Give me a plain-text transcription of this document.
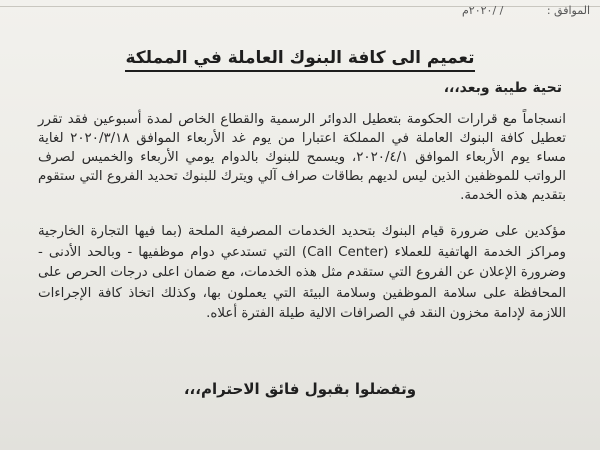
الموافق : / /٢٠٢٠م
تعميم الى كافة البنوك العاملة في المملكة
تحية طيبة وبعد،،،
انسجاماً مع قرارات الحكومة بتعطيل الدوائر الرسمية والقطاع الخاص لمدة أسبوعين فقد تقرر تعطيل كافة البنوك العاملة في المملكة اعتبارا من يوم غد الأربعاء الموافق ٢٠٢٠/٣/١٨ لغاية مساء يوم الأربعاء الموافق ٢٠٢٠/٤/١، ويسمح للبنوك بالدوام يومي الأربعاء والخميس لصرف الرواتب للموظفين الذين ليس لديهم بطاقات صراف آلي ويترك للبنوك تحديد الفروع التي ستقوم بتقديم هذه الخدمة.
مؤكدين على ضرورة قيام البنوك بتحديد الخدمات المصرفية الملحة (بما فيها التجارة الخارجية ومراكز الخدمة الهاتفية للعملاء (Call Center) التي تستدعي دوام موظفيها - وبالحد الأدنى - وضرورة الإعلان عن الفروع التي ستقدم مثل هذه الخدمات، مع ضمان اعلى درجات الحرص على المحافظة على سلامة الموظفين وسلامة البيئة التي يعملون بها، وكذلك اتخاذ كافة الإجراءات اللازمة لإدامة مخزون النقد في الصرافات الالية طيلة الفترة أعلاه.
وتفضلوا بقبول فائق الاحترام،،،
